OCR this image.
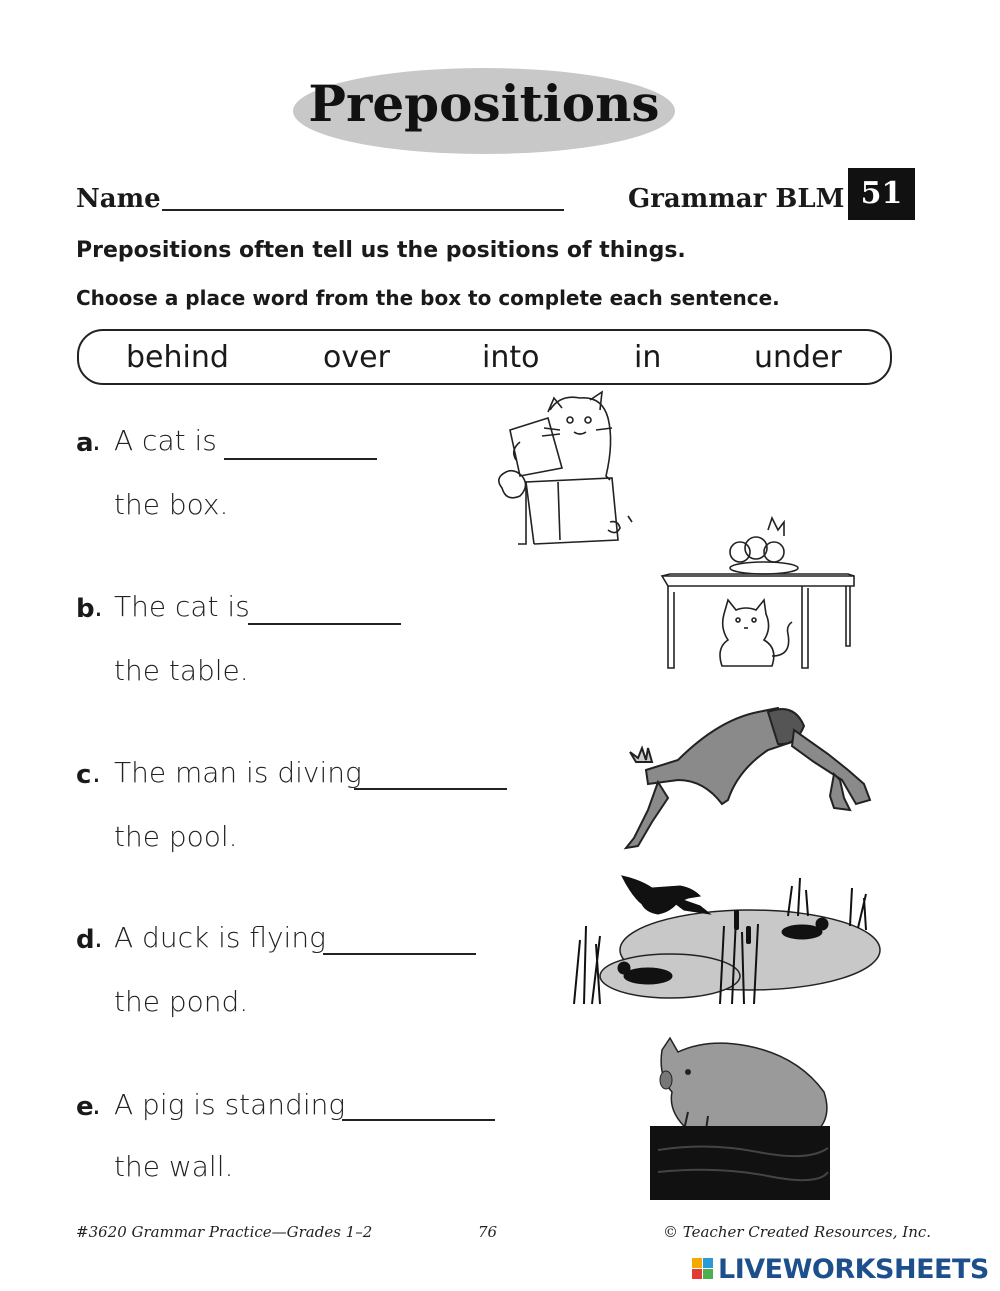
Prepositions
Name	Grammar BLM 51
Prepositions often tell us the positions of things.
Choose a place word from the box to complete each sentence.
behind	over	into	in	under
a
. A cat is
the box.
b . The cat is
the table.
c . The man is diving
the pool.
d . A duck is flying
the pond.
e
. A pig is standing
the wall.
#3620 Grammar Practice—Grades 1–2	76	© Teacher Created Resources, Inc.
LIVEWORKSHEETS
